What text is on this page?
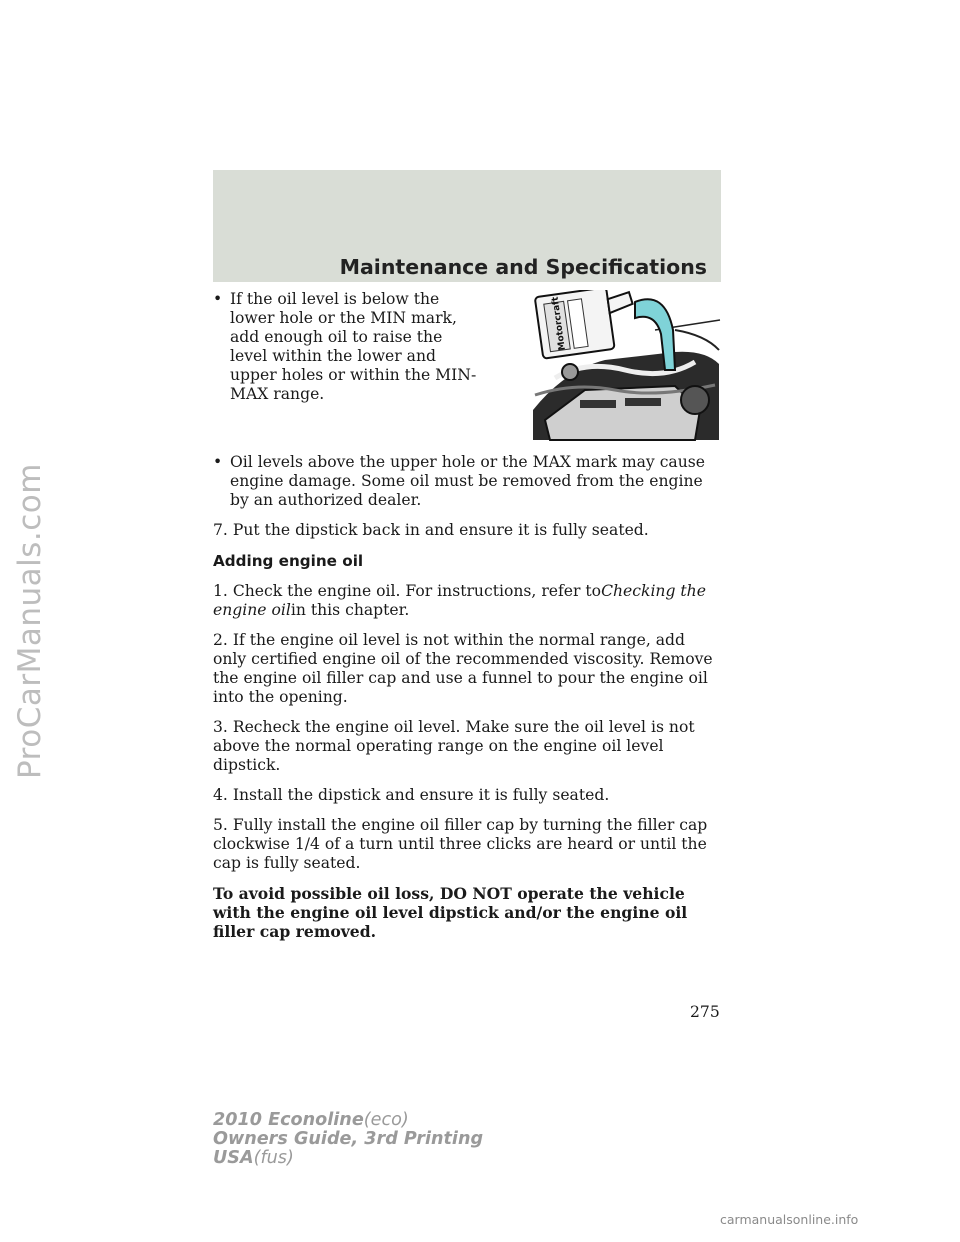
ProCarManuals.com
Maintenance and Specifications
• If the oil level is below the lower hole or the MIN mark, add enough oil to raise the level within the lower and upper holes or within the MIN-MAX range.
Motorcraft
• Oil levels above the upper hole or the MAX mark may cause engine damage. Some oil must be removed from the engine by an authorized dealer.

7. Put the dipstick back in and ensure it is fully seated.

Adding engine oil

1. Check the engine oil. For instructions, refer toChecking the engine oilin this chapter.

2. If the engine oil level is not within the normal range, add only certified engine oil of the recommended viscosity. Remove the engine oil filler cap and use a funnel to pour the engine oil into the opening.

3. Recheck the engine oil level. Make sure the oil level is not above the normal operating range on the engine oil level dipstick.

4. Install the dipstick and ensure it is fully seated.

5. Fully install the engine oil filler cap by turning the filler cap clockwise 1/4 of a turn until three clicks are heard or until the cap is fully seated.

To avoid possible oil loss, DO NOT operate the vehicle with the engine oil level dipstick and/or the engine oil filler cap removed.

275
2010 Econoline(eco)
Owners Guide, 3rd Printing
USA(fus)
carmanualsonline.info
